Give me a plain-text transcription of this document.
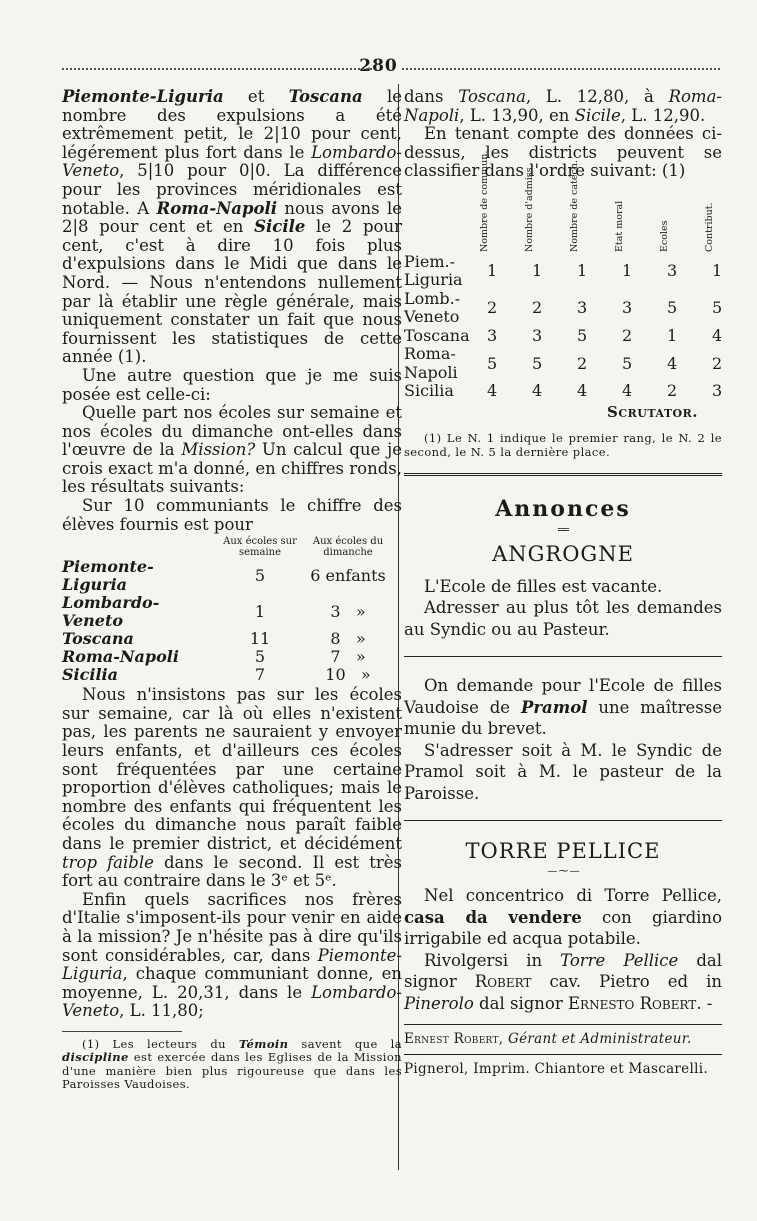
280

Piemonte-Liguria et Toscana le nombre des expulsions a été extrêmement petit, le 2|10 pour cent, légérement plus fort dans le Lombardo-Veneto, 5|10 pour 0|0. La différence pour les provinces méridionales est notable. A Roma-Napoli nous avons le 2|8 pour cent et en Sicile le 2 pour cent, c'est à dire 10 fois plus d'expulsions dans le Midi que dans le Nord. — Nous n'entendons nullement par là établir une règle générale, mais uniquement constater un fait que nous fournissent les statistiques de cette année (1).

Une autre question que je me suis posée est celle-ci:

Quelle part nos écoles sur semaine et nos écoles du dimanche ont-elles dans l'œuvre de la Mission? Un calcul que je crois exact m'a donné, en chiffres ronds, les résultats suivants:

Sur 10 communiants le chiffre des élèves fournis est pour

	Aux écoles sur semaine	Aux écoles du dimanche
Piemonte-Liguria	5	6 enfants
Lombardo-Veneto	1	3 »
Toscana	11	8 »
Roma-Napoli	5	7 »
Sicilia	7	10 »

Nous n'insistons pas sur les écoles sur semaine, car là où elles n'existent pas, les parents ne sauraient y envoyer leurs enfants, et d'ailleurs ces écoles sont fréquentées par une certaine proportion d'élèves catholiques; mais le nombre des enfants qui fréquentent les écoles du dimanche nous paraît faible dans le premier district, et décidément trop faible dans le second. Il est très fort au contraire dans le 3ᵉ et 5ᵉ.

Enfin quels sacrifices nos frères d'Italie s'imposent-ils pour venir en aide à la mission? Je n'hésite pas à dire qu'ils sont considérables, car, dans Piemonte-Liguria, chaque communiant donne, en moyenne, L. 20,31, dans le Lombardo-Veneto, L. 11,80;

(1) Les lecteurs du Témoin savent que la discipline est exercée dans les Eglises de la Mission d'une manière bien plus rigoureuse que dans les Paroisses Vaudoises.

dans Toscana, L. 12,80, à Roma-Napoli, L. 13,90, en Sicile, L. 12,90.

En tenant compte des données ci-dessus, les districts peuvent se classifier dans l'ordre suivant: (1)

	Nombre de commun.	Nombre d'admiss.	Nombre de catéch.	Etat moral	Ecoles	Contribut.
Piem.-Liguria	1	1	1	1	3	1
Lomb.-Veneto	2	2	3	3	5	5
Toscana	3	3	5	2	1	4
Roma-Napoli	5	5	2	5	4	2
Sicilia	4	4	4	4	2	3
Scrutator.

(1) Le N. 1 indique le premier rang, le N. 2 le second, le N. 5 la dernière place.

Annonces
══
ANGROGNE

L'Ecole de filles est vacante.

Adresser au plus tôt les demandes au Syndic ou au Pasteur.

On demande pour l'Ecole de filles Vaudoise de Pramol une maîtresse munie du brevet.

S'adresser soit à M. le Syndic de Pramol soit à M. le pasteur de la Paroisse.

TORRE PELLICE
— ⁓ —

Nel concentrico di Torre Pellice, casa da vendere con giardino irrigabile ed acqua potabile.

Rivolgersi in Torre Pellice dal signor Robert cav. Pietro ed in Pinerolo dal signor Ernesto Robert. -

Ernest Robert, Gérant et Administrateur.
Pignerol, Imprim. Chiantore et Mascarelli.
